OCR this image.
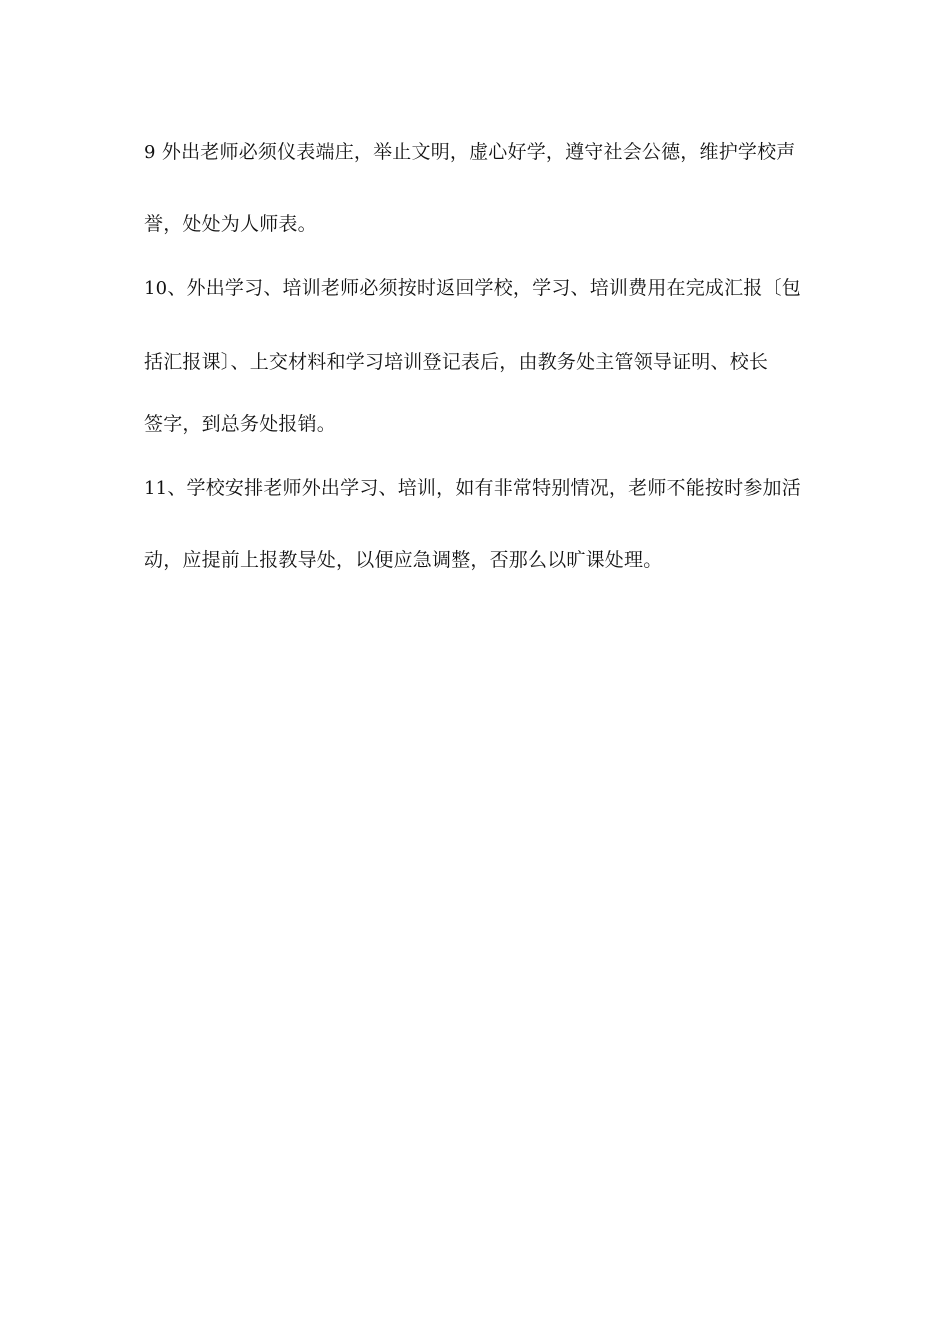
9 外出老师必须仪表端庄，举止文明，虚心好学，遵守社会公德，维护学校声
誉，处处为人师表。
10、外出学习、培训老师必须按时返回学校，学习、培训费用在完成汇报〔包
括汇报课〕、上交材料和学习培训登记表后，由教务处主管领导证明、校长
签字，到总务处报销。
11、学校安排老师外出学习、培训，如有非常特别情况，老师不能按时参加活
动，应提前上报教导处，以便应急调整，否那么以旷课处理。
